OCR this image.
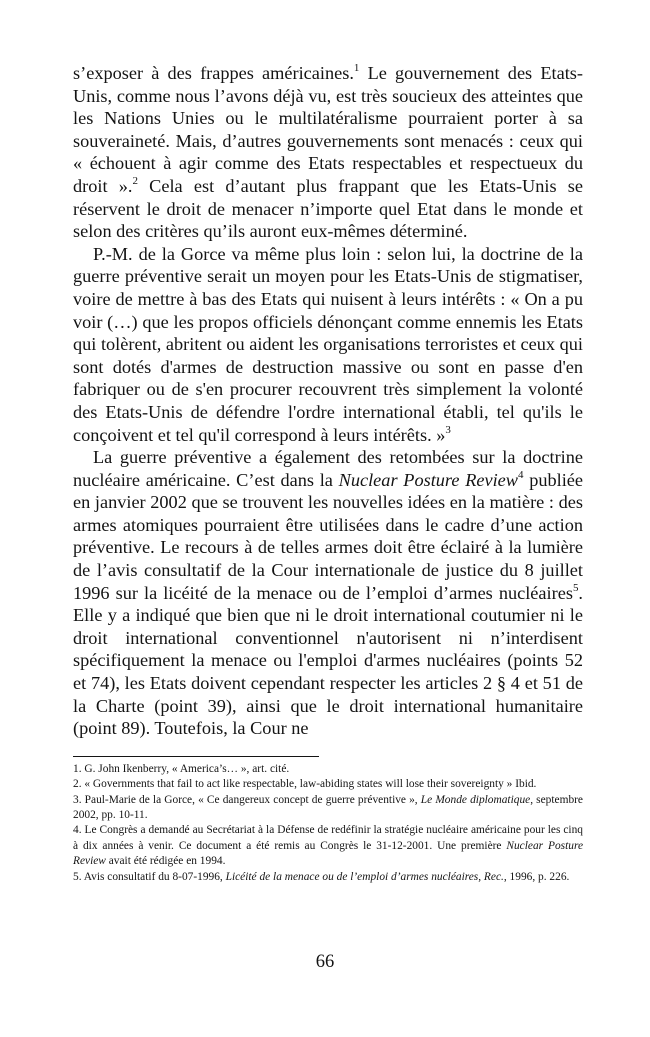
s’exposer à des frappes américaines.$^1$ Le gouvernement des Etats-Unis, comme nous l’avons déjà vu, est très soucieux des atteintes que les Nations Unies ou le multilatéralisme pourraient porter à sa souveraineté. Mais, d’autres gouvernements sont menacés : ceux qui « échouent à agir comme des Etats respectables et respectueux du droit ».$^2$ Cela est d’autant plus frappant que les Etats-Unis se réservent le droit de menacer n’importe quel Etat dans le monde et selon des critères qu’ils auront eux-mêmes déterminé.

P.-M. de la Gorce va même plus loin : selon lui, la doctrine de la guerre préventive serait un moyen pour les Etats-Unis de stigmatiser, voire de mettre à bas des Etats qui nuisent à leurs intérêts : « On a pu voir (…) que les propos officiels dénonçant comme ennemis les Etats qui tolèrent, abritent ou aident les organisations terroristes et ceux qui sont dotés d'armes de destruction massive ou sont en passe d'en fabriquer ou de s'en procurer recouvrent très simplement la volonté des Etats-Unis de défendre l'ordre international établi, tel qu'ils le conçoivent et tel qu'il correspond à leurs intérêts. »$^3$

La guerre préventive a également des retombées sur la doctrine nucléaire américaine. C’est dans la Nuclear Posture Review$^4$ publiée en janvier 2002 que se trouvent les nouvelles idées en la matière : des armes atomiques pourraient être utilisées dans le cadre d’une action préventive. Le recours à de telles armes doit être éclairé à la lumière de l’avis consultatif de la Cour internationale de justice du 8 juillet 1996 sur la licéité de la menace ou de l’emploi d’armes nucléaires$^5$. Elle y a indiqué que bien que ni le droit international coutumier ni le droit international conventionnel n'autorisent ni n’interdisent spécifiquement la menace ou l'emploi d'armes nucléaires (points 52 et 74), les Etats doivent cependant respecter les articles 2 § 4 et 51 de la Charte (point 39), ainsi que le droit international humanitaire (point 89). Toutefois, la Cour ne

1. G. John Ikenberry, « America’s… », art. cité.

2. « Governments that fail to act like respectable, law-abiding states will lose their sovereignty » Ibid.

3. Paul-Marie de la Gorce, « Ce dangereux concept de guerre préventive », Le Monde diplomatique, septembre 2002, pp. 10-11.

4. Le Congrès a demandé au Secrétariat à la Défense de redéfinir la stratégie nucléaire américaine pour les cinq à dix années à venir. Ce document a été remis au Congrès le 31-12-2001. Une première Nuclear Posture Review avait été rédigée en 1994.

5. Avis consultatif du 8-07-1996, Licéité de la menace ou de l’emploi d’armes nucléaires, Rec., 1996, p. 226.

66
